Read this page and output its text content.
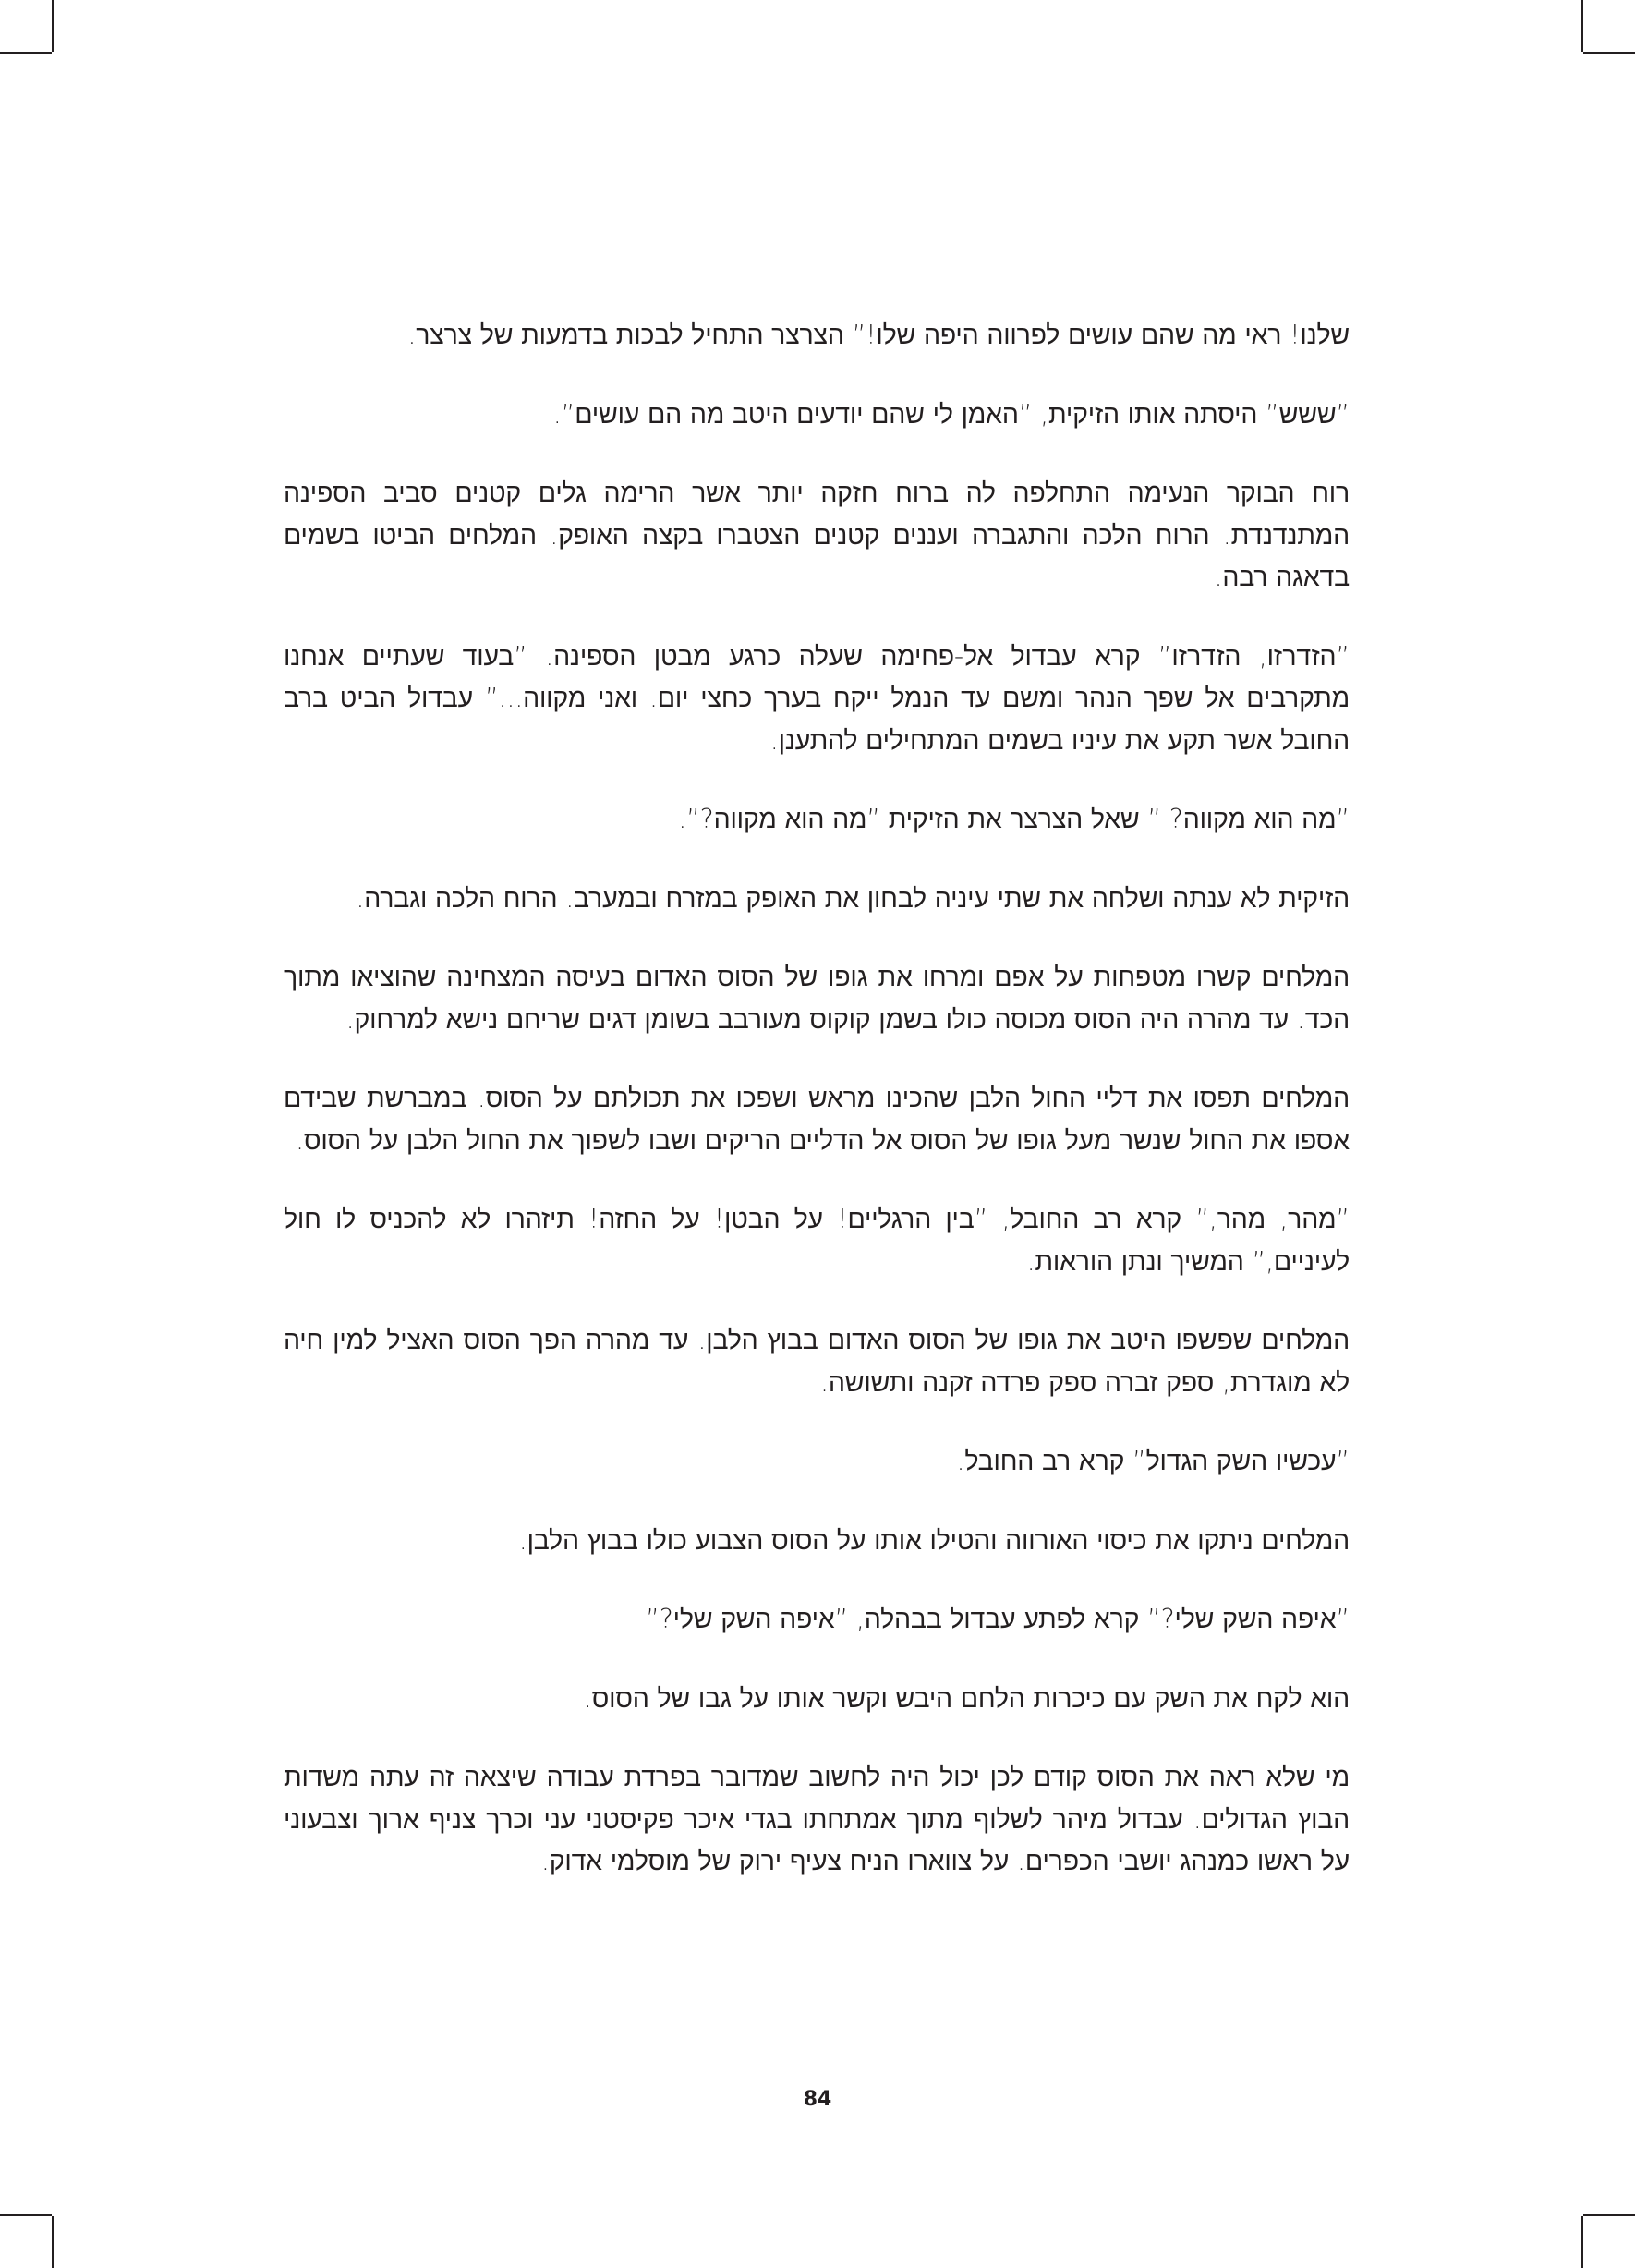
שלנו! ראי מה שהם עושים לפרווה היפה שלו!” הצרצר התחיל לבכות בדמעות של צרצר.

”ששש” היסתה אותו הזיקית, ”האמן לי שהם יודעים היטב מה הם עושים”.

רוח הבוקר הנעימה התחלפה לה ברוח חזקה יותר אשר הרימה גלים קטנים סביב הספינה המתנדנדת. הרוח הלכה והתגברה ועננים קטנים הצטברו בקצה האופק. המלחים הביטו בשמים בדאגה רבה.

”הזדרזו, הזדרזו” קרא עבדול אל-פחימה שעלה כרגע מבטן הספינה. ”בעוד שעתיים אנחנו מתקרבים אל שפך הנהר ומשם עד הנמל ייקח בערך כחצי יום. ואני מקווה...” עבדול הביט ברב החובל אשר תקע את עיניו בשמים המתחילים להתענן.

”מה הוא מקווה? ” שאל הצרצר את הזיקית ”מה הוא מקווה?”.

הזיקית לא ענתה ושלחה את שתי עיניה לבחון את האופק במזרח ובמערב. הרוח הלכה וגברה.

המלחים קשרו מטפחות על אפם ומרחו את גופו של הסוס האדום בעיסה המצחינה שהוציאו מתוך הכד. עד מהרה היה הסוס מכוסה כולו בשמן קוקוס מעורבב בשומן דגים שריחם נישא למרחוק.

המלחים תפסו את דליי החול הלבן שהכינו מראש ושפכו את תכולתם על הסוס. במברשת שבידם אספו את החול שנשר מעל גופו של הסוס אל הדליים הריקים ושבו לשפוך את החול הלבן על הסוס.

”מהר, מהר,” קרא רב החובל, ”בין הרגליים! על הבטן! על החזה! תיזהרו לא להכניס לו חול לעיניים,” המשיך ונתן הוראות.

המלחים שפשפו היטב את גופו של הסוס האדום בבוץ הלבן. עד מהרה הפך הסוס האציל למין חיה לא מוגדרת, ספק זברה ספק פרדה זקנה ותשושה.

”עכשיו השק הגדול” קרא רב החובל.

המלחים ניתקו את כיסוי האורווה והטילו אותו על הסוס הצבוע כולו בבוץ הלבן.

”איפה השק שלי?” קרא לפתע עבדול בבהלה, ”איפה השק שלי?”

הוא לקח את השק עם כיכרות הלחם היבש וקשר אותו על גבו של הסוס.

מי שלא ראה את הסוס קודם לכן יכול היה לחשוב שמדובר בפרדת עבודה שיצאה זה עתה משדות הבוץ הגדולים. עבדול מיהר לשלוף מתוך אמתחתו בגדי איכר פקיסטני עני וכרך צניף ארוך וצבעוני על ראשו כמנהג יושבי הכפרים. על צווארו הניח צעיף ירוק של מוסלמי אדוק.

84
